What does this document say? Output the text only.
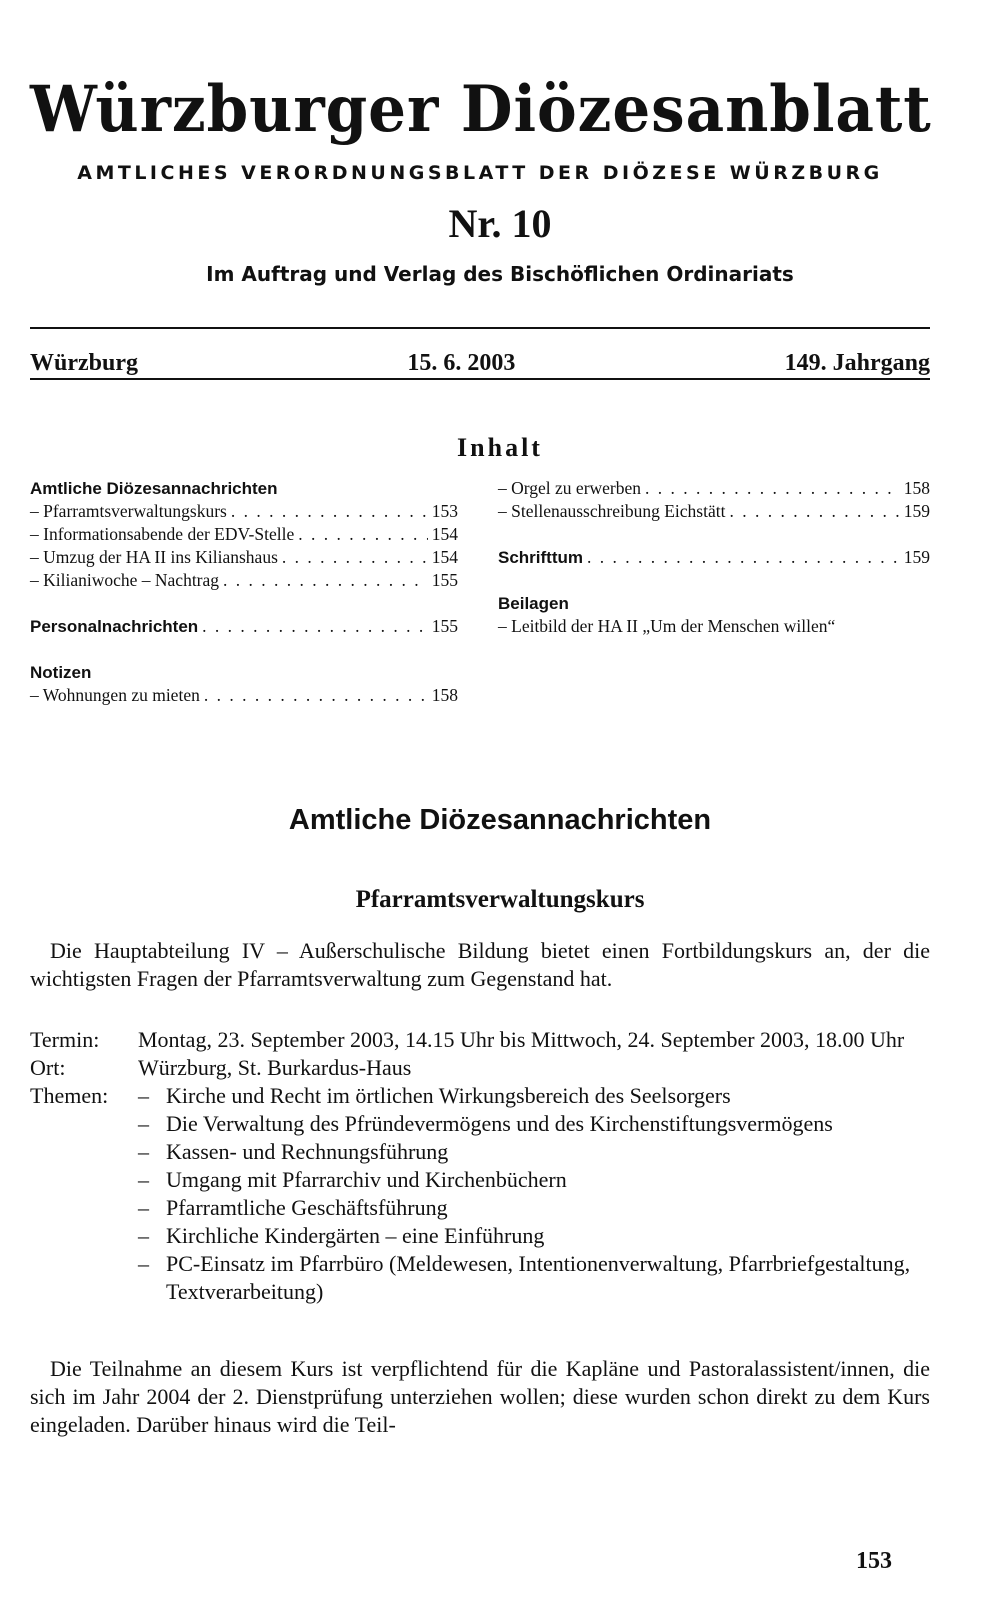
Würzburger Diözesanblatt
AMTLICHES VERORDNUNGSBLATT DER DIÖZESE WÜRZBURG
Nr. 10
Im Auftrag und Verlag des Bischöflichen Ordinariats
Würzburg	15. 6. 2003	149. Jahrgang
Inhalt
Amtliche Diözesannachrichten
– Pfarramtsverwaltungskurs . . .	153
– Informationsabende der EDV-Stelle . . .	154
– Umzug der HA II ins Kilianshaus . . .	154
– Kilianiwoche – Nachtrag . . .	155
Personalnachrichten . . .	155
Notizen
– Wohnungen zu mieten . . .	158
– Orgel zu erwerben . . .	158
– Stellenausschreibung Eichstätt . . .	159
Schrifttum . . .	159
Beilagen
– Leitbild der HA II „Um der Menschen willen“
Amtliche Diözesannachrichten
Pfarramtsverwaltungskurs
Die Hauptabteilung IV – Außerschulische Bildung bietet einen Fortbildungskurs an, der die wichtigsten Fragen der Pfarramtsverwaltung zum Gegenstand hat.
Termin:	Montag, 23. September 2003, 14.15 Uhr bis Mittwoch, 24. September 2003, 18.00 Uhr
Ort:	Würzburg, St. Burkardus-Haus
Themen:	– Kirche und Recht im örtlichen Wirkungsbereich des Seelsorgers
– Die Verwaltung des Pfründevermögens und des Kirchenstiftungsvermögens
– Kassen- und Rechnungsführung
– Umgang mit Pfarrarchiv und Kirchenbüchern
– Pfarramtliche Geschäftsführung
– Kirchliche Kindergärten – eine Einführung
– PC-Einsatz im Pfarrbüro (Meldewesen, Intentionenverwaltung, Pfarrbriefgestaltung, Textverarbeitung)
Die Teilnahme an diesem Kurs ist verpflichtend für die Kapläne und Pastoralassistent/innen, die sich im Jahr 2004 der 2. Dienstprüfung unterziehen wollen; diese wurden schon direkt zu dem Kurs eingeladen. Darüber hinaus wird die Teil-
153
